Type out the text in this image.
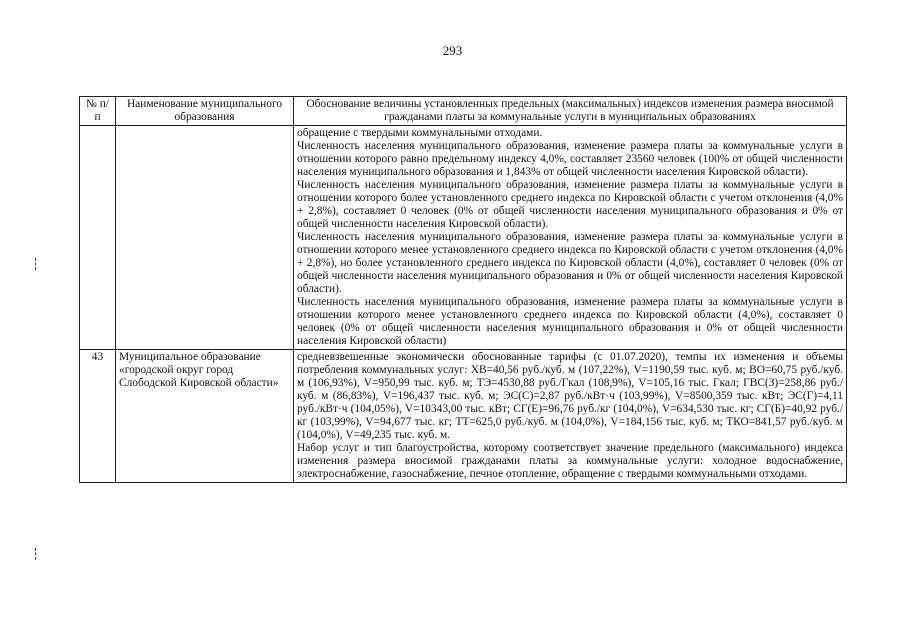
293
№ п/п	Наименование муниципального образования	Обоснование величины установленных предельных (максимальных) индексов изменения размера вносимой гражданами платы за коммунальные услуги в муниципальных образованиях

		обращение с твердыми коммунальными отходами.

Численность населения муниципального образования, изменение размера платы за коммунальные услуги в отношении которого равно предельному индексу 4,0%, составляет 23560 человек (100% от общей численности населения муниципального образования и 1,843% от общей численности населения Кировской области).

Численность населения муниципального образования, изменение размера платы за коммунальные услуги в отношении которого более установленного среднего индекса по Кировской области с учетом отклонения (4,0% + 2,8%), составляет 0 человек (0% от общей численности населения муниципального образования и 0% от общей численности населения Кировской области).

Численность населения муниципального образования, изменение размера платы за коммунальные услуги в отношении которого менее установленного среднего индекса по Кировской области с учетом отклонения (4,0% + 2,8%), но более установленного среднего индекса по Кировской области (4,0%), составляет 0 человек (0% от общей численности населения муниципального образования и 0% от общей численности населения Кировской области).

Численность населения муниципального образования, изменение размера платы за коммунальные услуги в отношении которого менее установленного среднего индекса по Кировской области (4,0%), составляет 0 человек (0% от общей численности населения муниципального образования и 0% от общей численности населения Кировской области)

43	Муниципальное образование «городской округ город Слободской Кировской области»	средневзвешенные экономически обоснованные тарифы (с 01.07.2020), темпы их изменения и объемы потребления коммунальных услуг: ХВ=40,56 руб./куб. м (107,22%), V=1190,59 тыс. куб. м; ВО=60,75 руб./куб. м (106,93%), V=950,99 тыс. куб. м; ТЭ=4530,88 руб./Гкал (108,9%), V=105,16 тыс. Гкал; ГВС(З)=258,86 руб./куб. м (86,83%), V=196,437 тыс. куб. м; ЭС(С)=2,87 руб./кВт·ч (103,99%), V=8500,359 тыс. кВт; ЭС(Г)=4,11 руб./кВт·ч (104,05%), V=10343,00 тыс. кВт; СГ(Е)=96,76 руб./кг (104,0%), V=634,530 тыс. кг; СГ(Б)=40,92 руб./кг (103,99%), V=94,677 тыс. кг; ТТ=625,0 руб./куб. м (104,0%), V=184,156 тыс. куб. м; ТКО=841,57 руб./куб. м (104,0%), V=49,235 тыс. куб. м.

Набор услуг и тип благоустройства, которому соответствует значение предельного (максимального) индекса изменения размера вносимой гражданами платы за коммунальные услуги: холодное водоснабжение, электроснабжение, газоснабжение, печное отопление, обращение с твердыми коммунальными отходами.
